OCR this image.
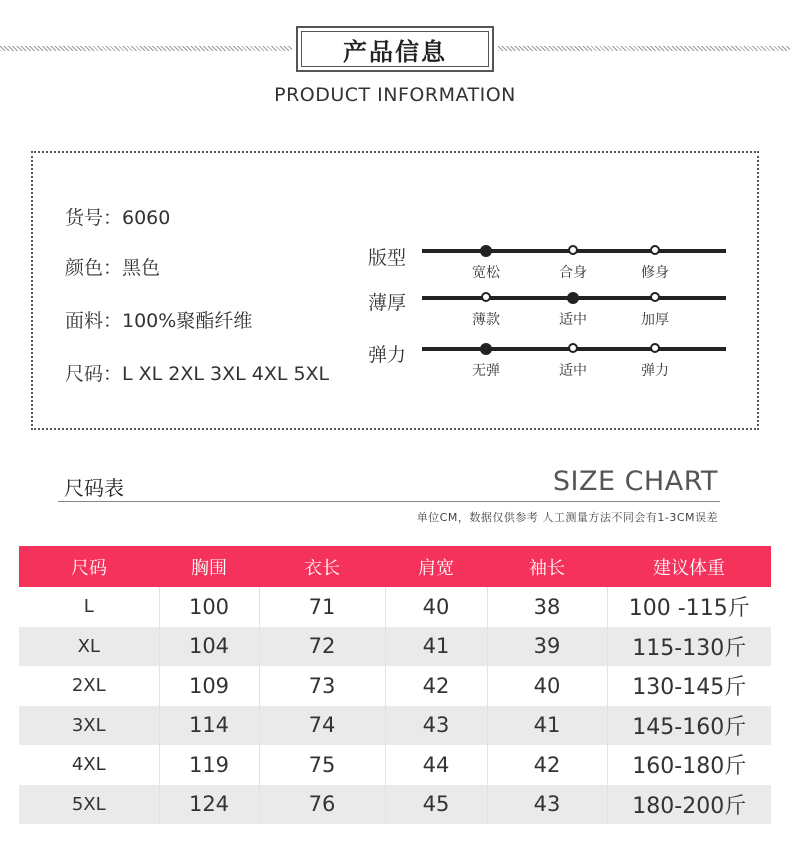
产品信息
PRODUCT INFORMATION
货号：6060
颜色：黑色
面料：100%聚酯纤维
尺码：L XL 2XL 3XL 4XL 5XL
版型
宽松	合身	修身
薄厚
薄款	适中	加厚
弹力
无弹	适中	弹力
尺码表	SIZE CHART
单位CM，数据仅供参考 人工测量方法不同会有1-3CM误差
尺码	胸围	衣长	肩宽	袖长	建议体重
L	100	71	40	38	100 -115斤
XL	104	72	41	39	115-130斤
2XL	109	73	42	40	130-145斤
3XL	114	74	43	41	145-160斤
4XL	119	75	44	42	160-180斤
5XL	124	76	45	43	180-200斤
